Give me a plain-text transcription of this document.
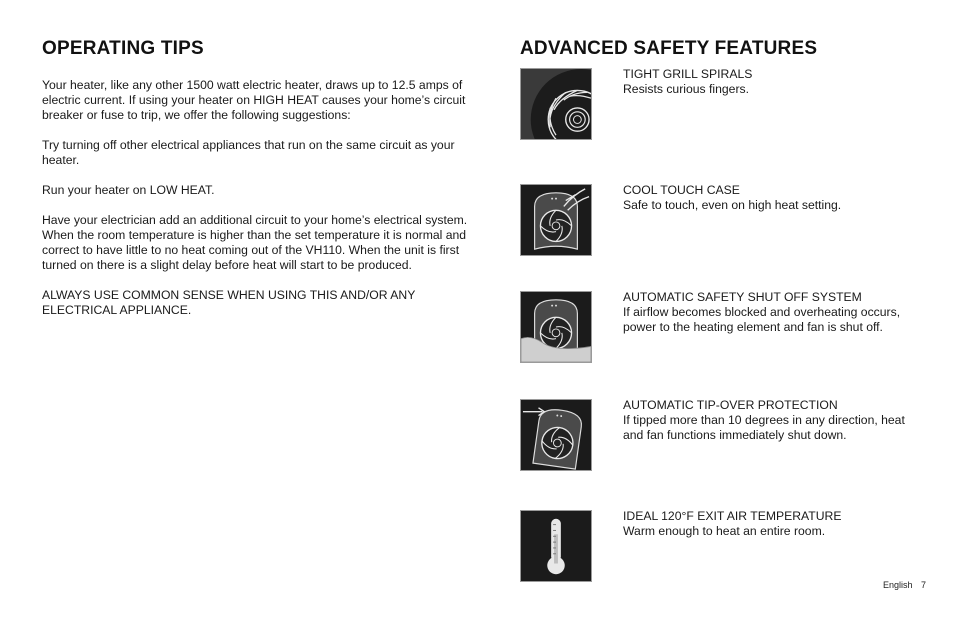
OPERATING TIPS

Your heater, like any other 1500 watt electric heater, draws up to 12.5 amps of electric current. If using your heater on HIGH HEAT causes your home’s circuit breaker or fuse to trip, we offer the following suggestions:

Try turning off other electrical appliances that run on the same circuit as your heater.

Run your heater on LOW HEAT.

Have your electrician add an additional circuit to your home’s electrical system. When the room temperature is higher than the set temperature it is normal and correct to have little to no heat coming out of the VH110. When the unit is first turned on there is a slight delay before heat will start to be produced.

ALWAYS USE COMMON SENSE WHEN USING THIS AND/OR ANY ELECTRICAL APPLIANCE.

ADVANCED SAFETY FEATURES

TIGHT GRILL SPIRALS

Resists curious fingers.

COOL TOUCH CASE

Safe to touch, even on high heat setting.

AUTOMATIC SAFETY SHUT OFF SYSTEM

If airflow becomes blocked and overheating occurs, power to the heating element and fan is shut off.

AUTOMATIC TIP-OVER PROTECTION

If tipped more than 10 degrees in any direction, heat and fan functions immediately shut down.

IDEAL 120°F EXIT AIR TEMPERATURE

Warm enough to heat an entire room.

English 7
